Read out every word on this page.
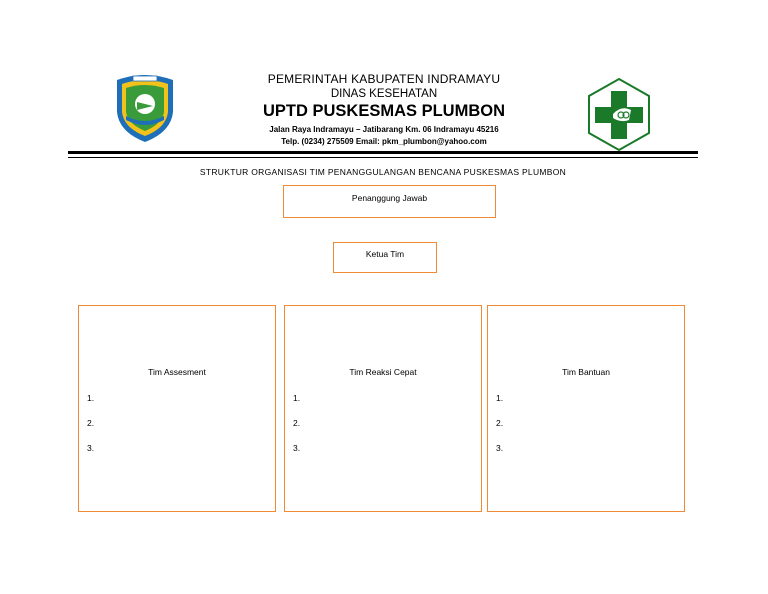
PEMERINTAH KABUPATEN INDRAMAYU
DINAS KESEHATAN
UPTD PUSKESMAS PLUMBON
Jalan Raya Indramayu – Jatibarang Km. 06 Indramayu 45216
Telp. (0234) 275509 Email: pkm_plumbon@yahoo.com
STRUKTUR ORGANISASI TIM PENANGGULANGAN BENCANA PUSKESMAS PLUMBON
Penanggung Jawab
Ketua Tim
Tim Assesment
1.
2.
3.
Tim Reaksi Cepat
1.
2.
3.
Tim Bantuan
1.
2.
3.
